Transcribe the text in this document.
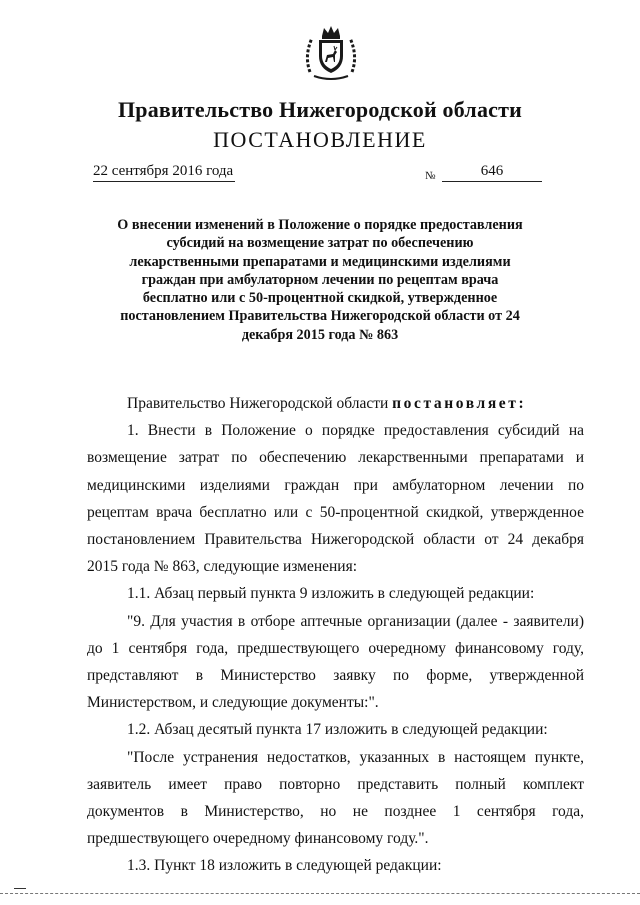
Правительство Нижегородской области
ПОСТАНОВЛЕНИЕ
22 сентября 2016 года	№	646
О внесении изменений в Положение о порядке предоставления субсидий на возмещение затрат по обеспечению лекарственными препаратами и медицинскими изделиями граждан при амбулаторном лечении по рецептам врача бесплатно или с 50-процентной скидкой, утвержденное постановлением Правительства Нижегородской области от 24 декабря 2015 года № 863

Правительство Нижегородской области постановляет:

1. Внести в Положение о порядке предоставления субсидий на возмещение затрат по обеспечению лекарственными препаратами и медицинскими изделиями граждан при амбулаторном лечении по рецептам врача бесплатно или с 50-процентной скидкой, утвержденное постановлением Правительства Нижегородской области от 24 декабря 2015 года № 863, следующие изменения:

1.1. Абзац первый пункта 9 изложить в следующей редакции:

"9. Для участия в отборе аптечные организации (далее - заявители) до 1 сентября года, предшествующего очередному финансовому году, представляют в Министерство заявку по форме, утвержденной Министерством, и следующие документы:".

1.2. Абзац десятый пункта 17 изложить в следующей редакции:

"После устранения недостатков, указанных в настоящем пункте, заявитель имеет право повторно представить полный комплект документов в Министерство, но не позднее 1 сентября года, предшествующего очередному финансовому году.".

1.3. Пункт 18 изложить в следующей редакции:
